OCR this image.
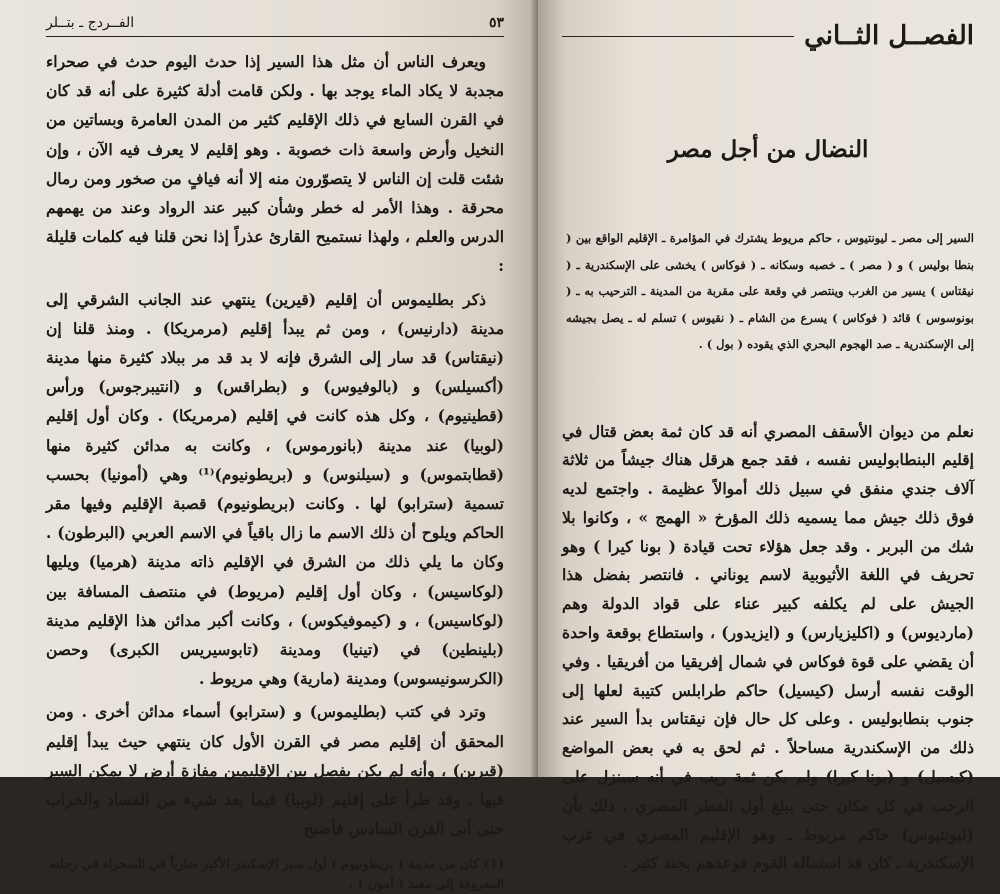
٥٣
الفــردج ـ بتــلر

ويعرف الناس أن مثل هذا السير إذا حدث اليوم حدث في صحراء مجدبة لا يكاد الماء يوجد بها . ولكن قامت أدلة كثيرة على أنه قد كان في القرن السابع في ذلك الإقليم كثير من المدن العامرة وبساتين من النخيل وأرض واسعة ذات خصوبة . وهو إقليم لا يعرف فيه الآن ، وإن شئت قلت إن الناس لا يتصوّرون منه إلا أنه فيافٍ من صخور ومن رمال محرقة . وهذا الأمر له خطر وشأن كبير عند الرواد وعند من يهمهم الدرس والعلم ، ولهذا نستميح القارئ عذراً إذا نحن قلنا فيه كلمات قليلة :

ذكر بطليموس أن إقليم (قيرين) ينتهي عند الجانب الشرقي إلى مدينة (دارنيس) ، ومن ثم يبدأ إقليم (مرمريكا) . ومنذ قلنا إن (نيقتاس) قد سار إلى الشرق فإنه لا بد قد مر ببلاد كثيرة منها مدينة (أكسيلس) و (بالوفيوس) و (بطراقس) و (انتيبرجوس) ورأس (قطينيوم) ، وكل هذه كانت في إقليم (مرمريكا) . وكان أول إقليم (لوبيا) عند مدينة (بانورموس) ، وكانت به مدائن كثيرة منها (قطابتموس) و (سيلنوس) و (بريطونيوم)⁽¹⁾ وهي (أمونيا) بحسب تسمية (سترابو) لها . وكانت (بريطونيوم) قصبة الإقليم وفيها مقر الحاكم ويلوح أن ذلك الاسم ما زال باقياً في الاسم العربي (البرطون) . وكان ما يلي ذلك من الشرق في الإقليم ذاته مدينة (هرميا) ويليها (لوكاسيس) ، وكان أول إقليم (مريوط) في منتصف المسافة بين (لوكاسيس) ، و (كيموفيكوس) ، وكانت أكبر مدائن هذا الإقليم مدينة (بلينطين) في (تينيا) ومدينة (تابوسيريس الكبرى) وحصن (الكرسونيسوس) ومدينة (مارية) وهي مريوط .

وترد في كتب (بطليموس) و (سترابو) أسماء مدائن أخرى . ومن المحقق أن إقليم مصر في القرن الأول كان ينتهي حيث يبدأ إقليم (قيرين) ، وأنه لم يكن يفصل بين الإقليمين مفازة أرض لا يمكن السير فيها . وقد طرأ على إقليم (لوبيا) فيما بعد شيء من الفساد والخراب حتى أتى القرن السادس فأصبح

(1) كان من مدينة ( بريطونيوم ) أول سير الإسكندر الأكبر ضارباً في الصحراء في رحلته المعروفة إلى معبد ( آمون ) .

الفصــل الثــاني
النضال من أجل مصر

السير إلى مصر ـ ليونتيوس ، حاكم مريوط يشترك في المؤامرة ـ الإقليم الواقع بين ( بنطا بوليس ) و ( مصر ) ـ خصبه وسكانه ـ ( فوكاس ) يخشى على الإسكندرية ـ ( نيقتاس ) يسير من الغرب وينتصر في وقعة على مقربة من المدينة ـ الترحيب به ـ ( بونوسوس ) قائد ( فوكاس ) يسرع من الشام ـ ( نقيوس ) تسلم له ـ يصل بجيشه إلى الإسكندرية ـ صد الهجوم البحري الذي يقوده ( بول ) .

نعلم من ديوان الأسقف المصري أنه قد كان ثمة بعض قتال في إقليم البنطابوليس نفسه ، فقد جمع هرقل هناك جيشاً من ثلاثة آلاف جندي منفق في سبيل ذلك أموالاً عظيمة . واجتمع لديه فوق ذلك جيش مما يسميه ذلك المؤرخ « الهمج » ، وكانوا بلا شك من البربر . وقد جعل هؤلاء تحت قيادة ( بونا كيرا ) وهو تحريف في اللغة الأثيوبية لاسم يوناني . فانتصر بفضل هذا الجيش على لم يكلفه كبير عناء على قواد الدولة وهم (مارديوس) و (اكليزيارس) و (ايزيدور) ، واستطاع بوقعة واحدة أن يقضي على قوة فوكاس في شمال إفريقيا من أفريقيا . وفي الوقت نفسه أرسل (كيسيل) حاكم طرابلس كتيبة لعلها إلى جنوب بنطابوليس . وعلى كل حال فإن نيقتاس بدأ السير عند ذلك من الإسكندرية مساحلاً . ثم لحق به في بعض المواضع (كيسيل) و (بونا كيرا) ولم يكن ثمة ريب في أنه سينزل على الرحب في كل مكان حتى يبلغ أول القطر المصري . ذلك بأن (ليونتيوس) حاكم مريوط ـ وهو الإقليم المصري في غرب الإسكندرية ـ كان قد استماله القوم فوعدهم بجند كثير .
